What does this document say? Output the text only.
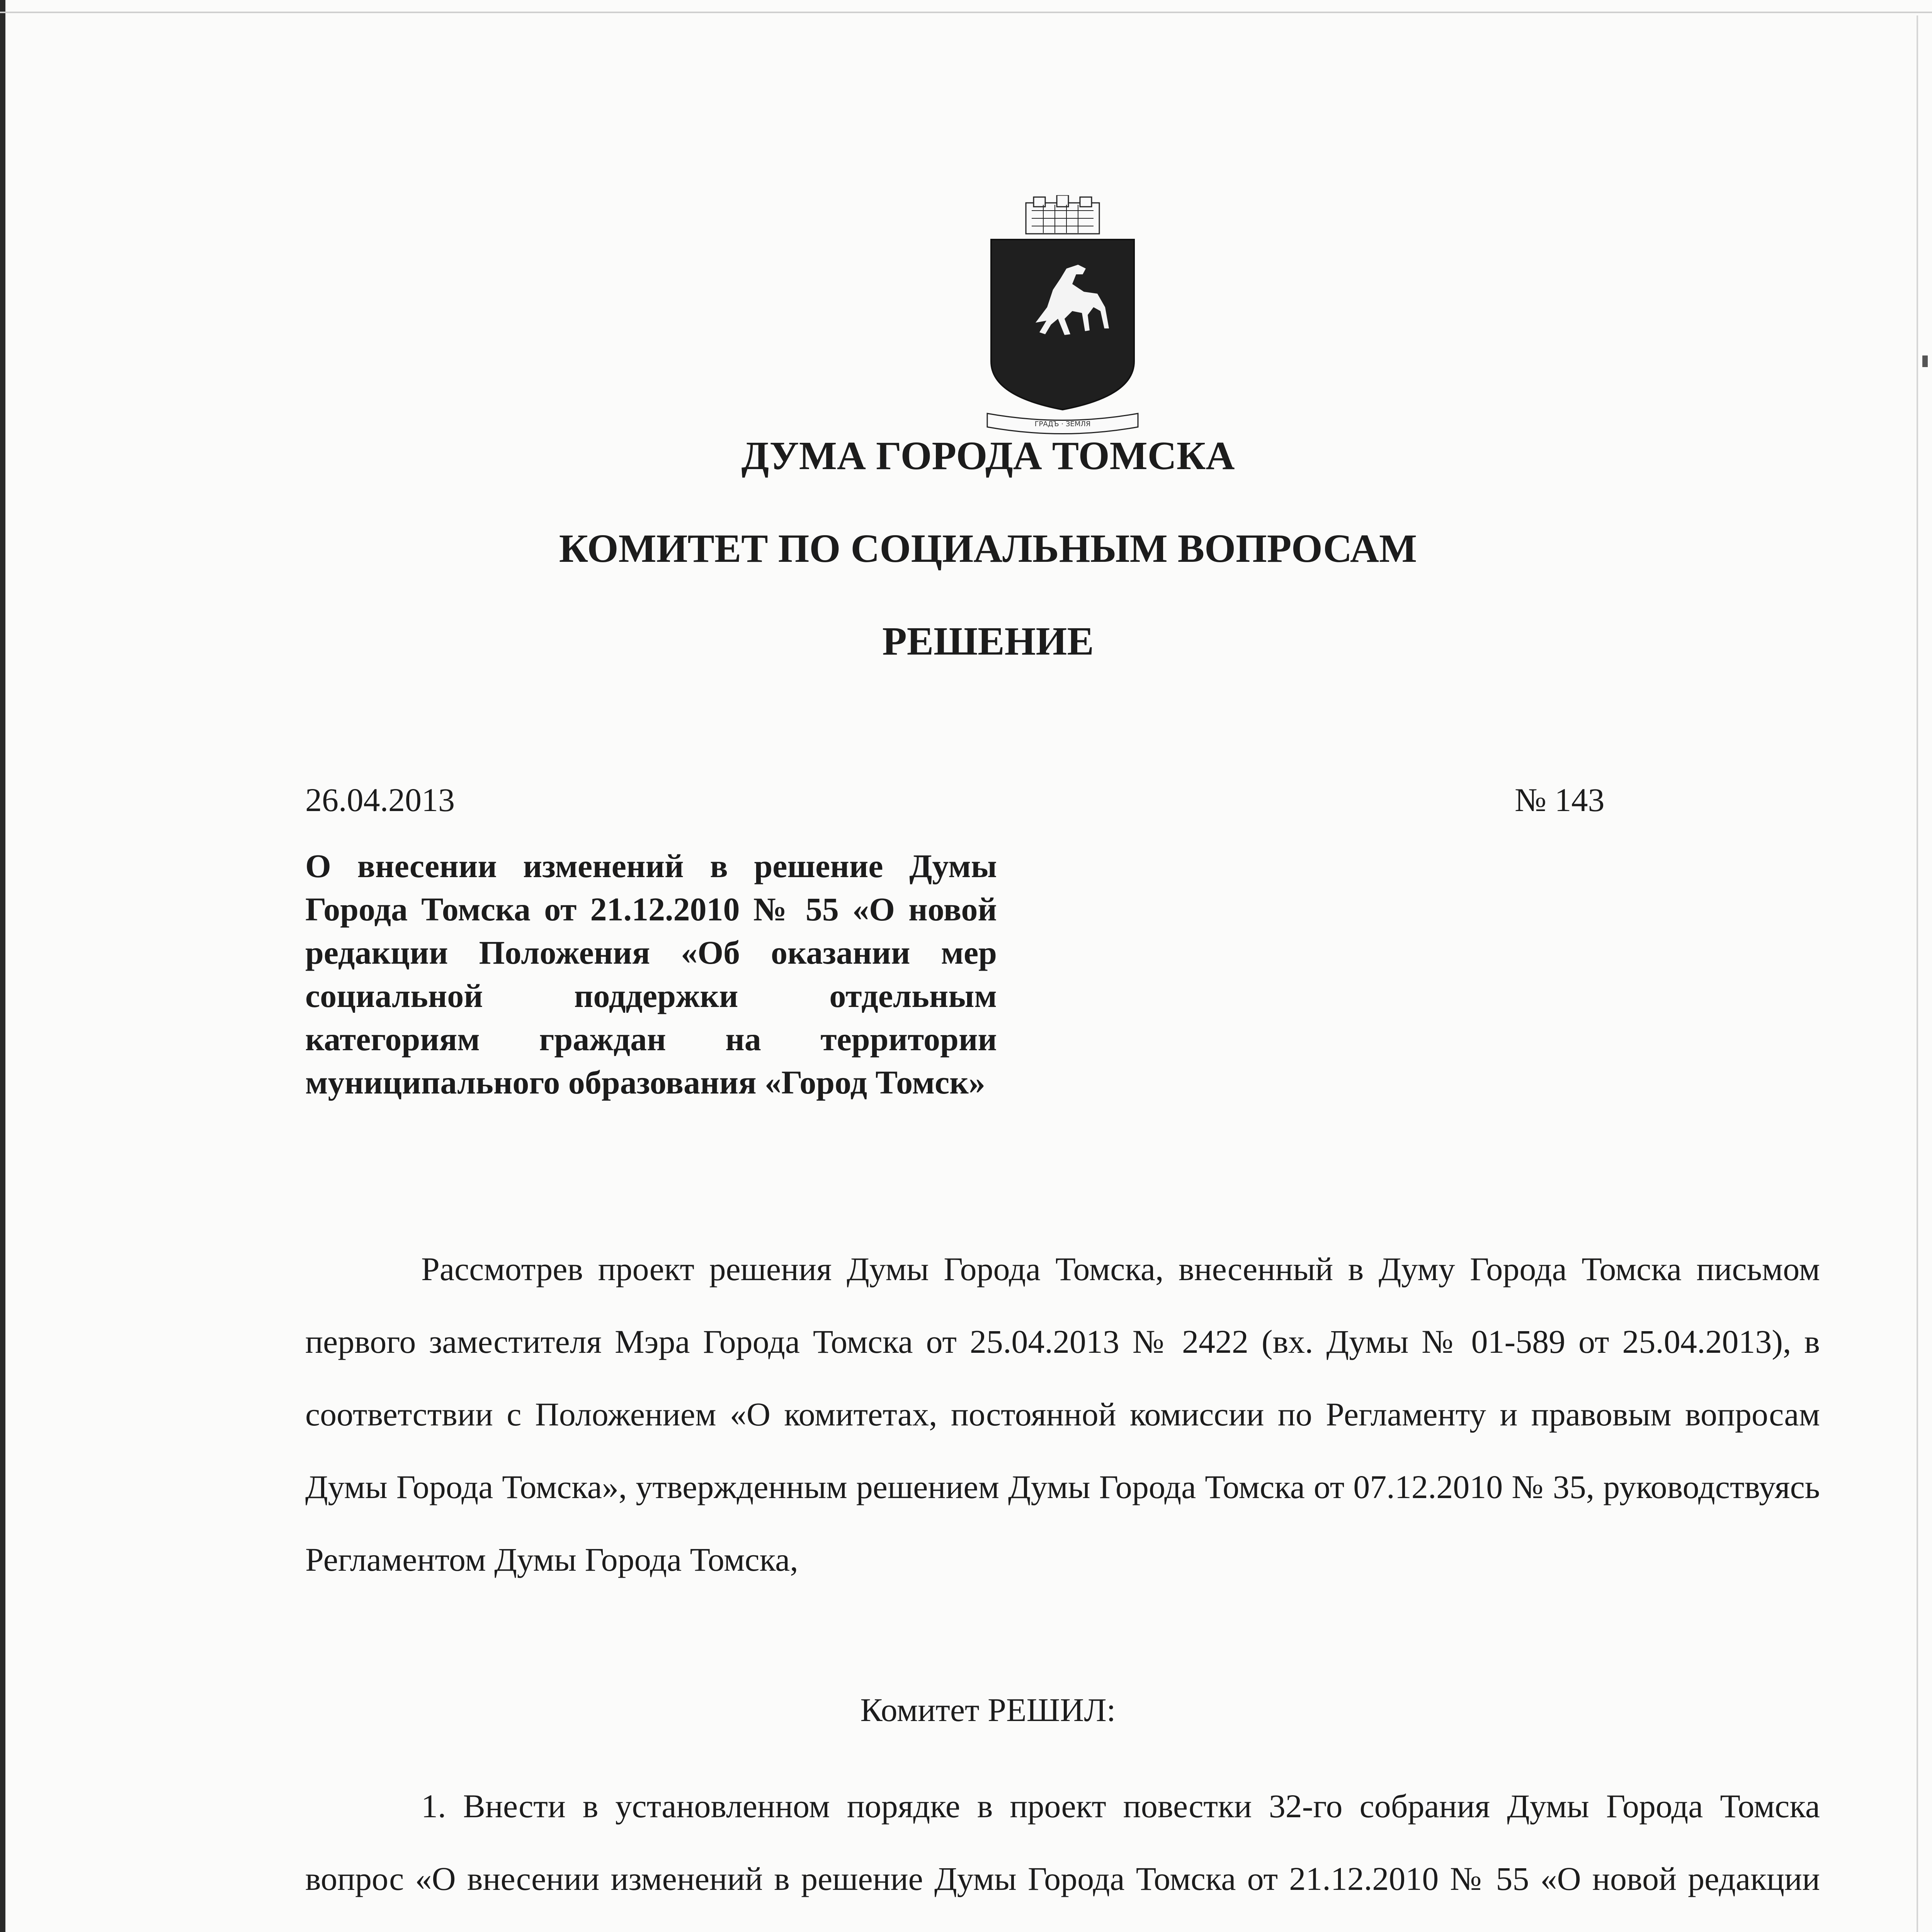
ГРАДЪ · ЗЕМЛЯ
ДУМА ГОРОДА ТОМСКА
КОМИТЕТ ПО СОЦИАЛЬНЫМ ВОПРОСАМ
РЕШЕНИЕ
26.04.2013	№ 143
О внесении изменений в решение Думы Города Томска от 21.12.2010 № 55 «О новой редакции Положения «Об оказании мер социальной поддержки отдельным категориям граждан на территории муниципального образования «Город Томск»
Рассмотрев проект решения Думы Города Томска, внесенный в Думу Города Томска письмом первого заместителя Мэра Города Томска от 25.04.2013 № 2422 (вх. Думы № 01-589 от 25.04.2013), в соответствии с Положением «О комитетах, постоянной комиссии по Регламенту и правовым вопросам Думы Города Томска», утвержденным решением Думы Города Томска от 07.12.2010 № 35, руководствуясь Регламентом Думы Города Томска,
Комитет РЕШИЛ:
1. Внести в установленном порядке в проект повестки 32-го собрания Думы Города Томска вопрос «О внесении изменений в решение Думы Города Томска от 21.12.2010 № 55 «О новой редакции
